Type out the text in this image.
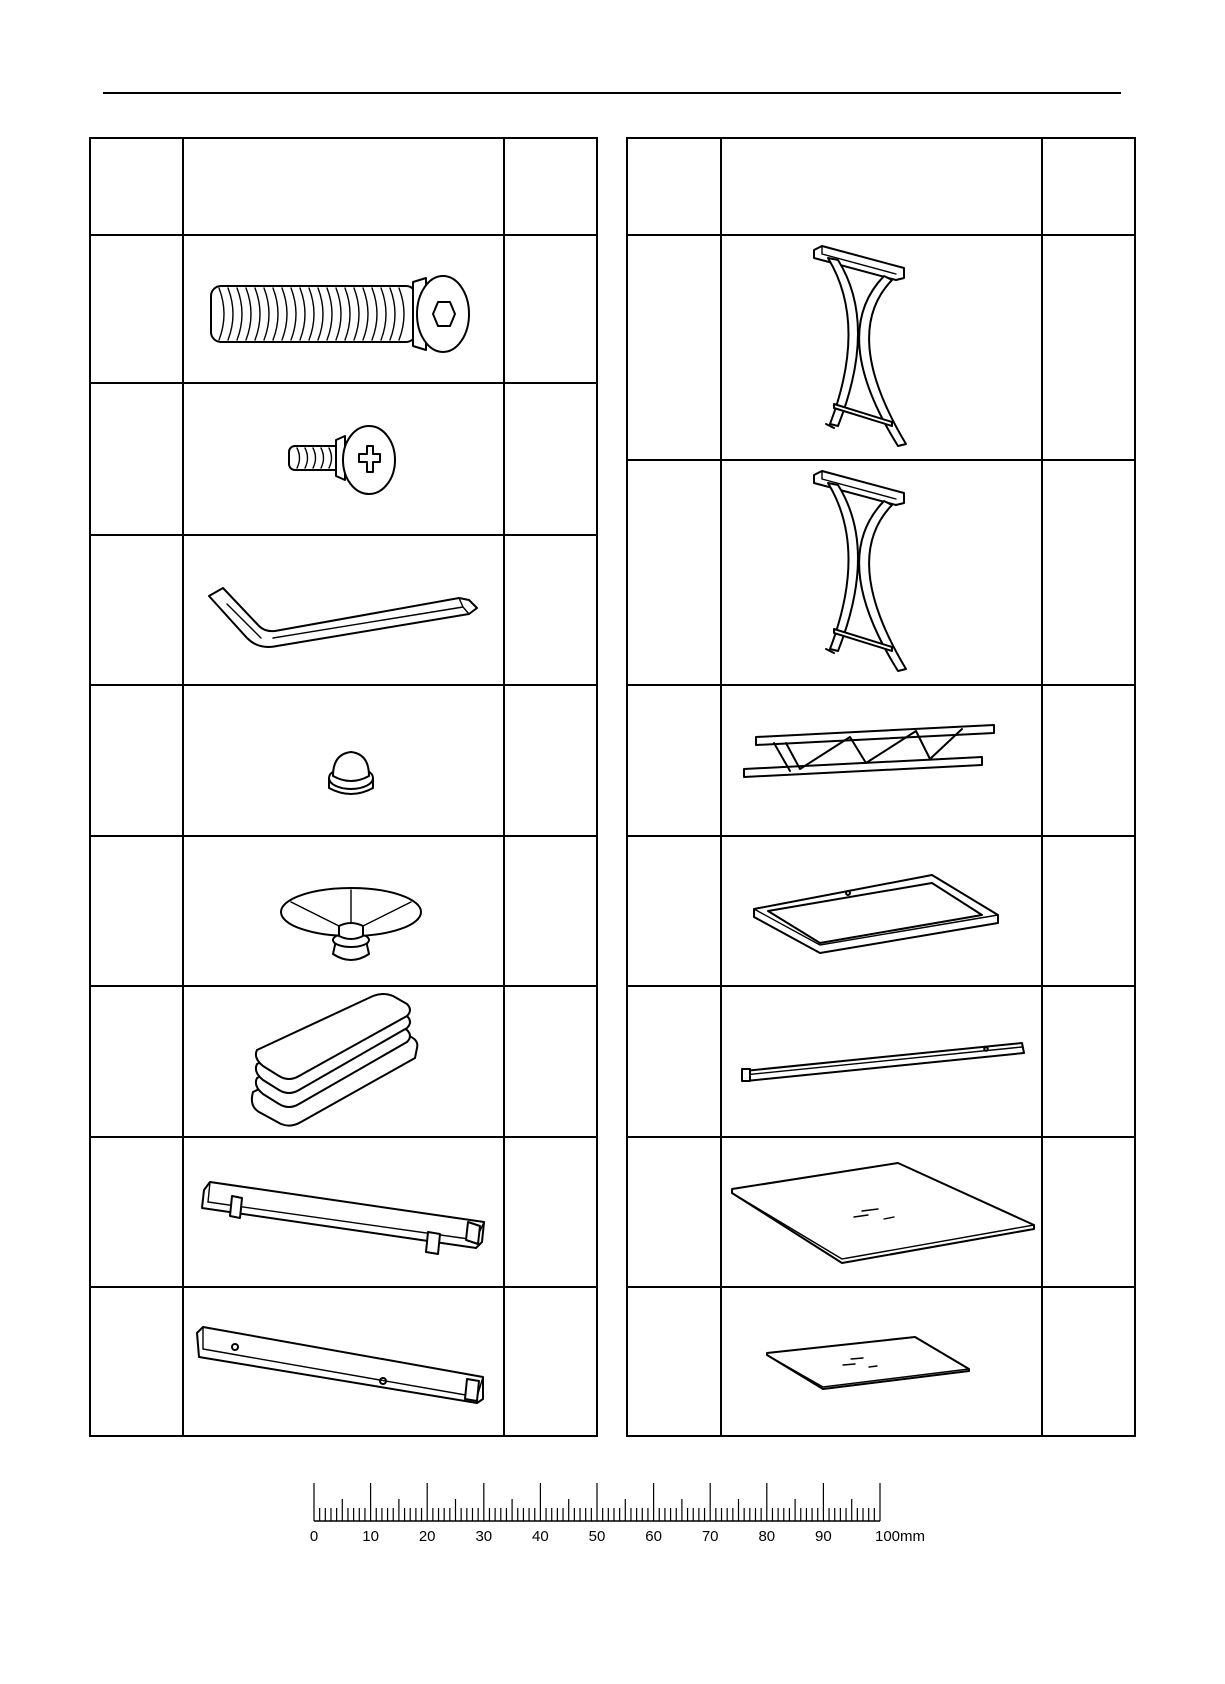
0	10	20	30	40	50	60	70	80	90	100mm
